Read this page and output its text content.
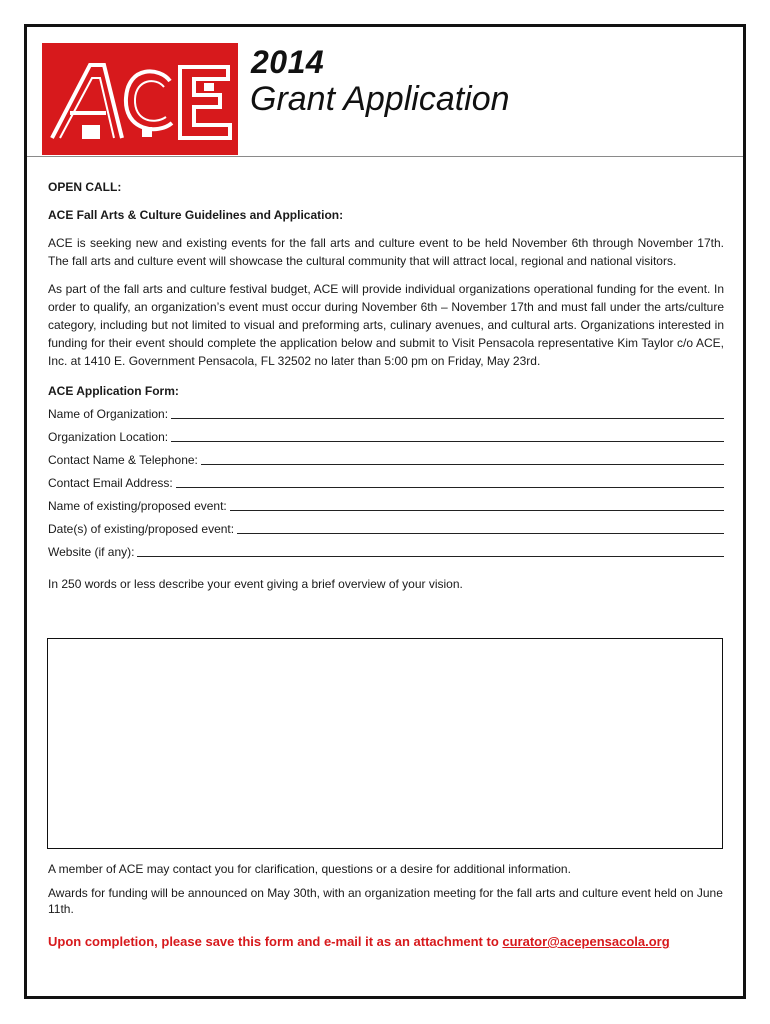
2014
Grant Application

OPEN CALL:

ACE Fall Arts & Culture Guidelines and Application:

ACE is seeking new and existing events for the fall arts and culture event to be held November 6th through November 17th. The fall arts and culture event will showcase the cultural community that will attract local, regional and national visitors.

As part of the fall arts and culture festival budget, ACE will provide individual organizations operational funding for the event. In order to qualify, an organization’s event must occur during November 6th – November 17th and must fall under the arts/culture category, including but not limited to visual and preforming arts, culinary avenues, and cultural arts. Organizations interested in funding for their event should complete the application below and submit to Visit Pensacola representative Kim Taylor c/o ACE, Inc. at 1410 E. Government Pensacola, FL 32502 no later than 5:00 pm on Friday, May 23rd.

ACE Application Form:

Name of Organization:
Organization Location:
Contact Name & Telephone:
Contact Email Address:
Name of existing/proposed event:
Date(s) of existing/proposed event:
Website (if any):

In 250 words or less describe your event giving a brief overview of your vision.

A member of ACE may contact you for clarification, questions or a desire for additional information.

Awards for funding will be announced on May 30th, with an organization meeting for the fall arts and culture event held on June 11th.

Upon completion, please save this form and e-mail it as an attachment to curator@acepensacola.org
